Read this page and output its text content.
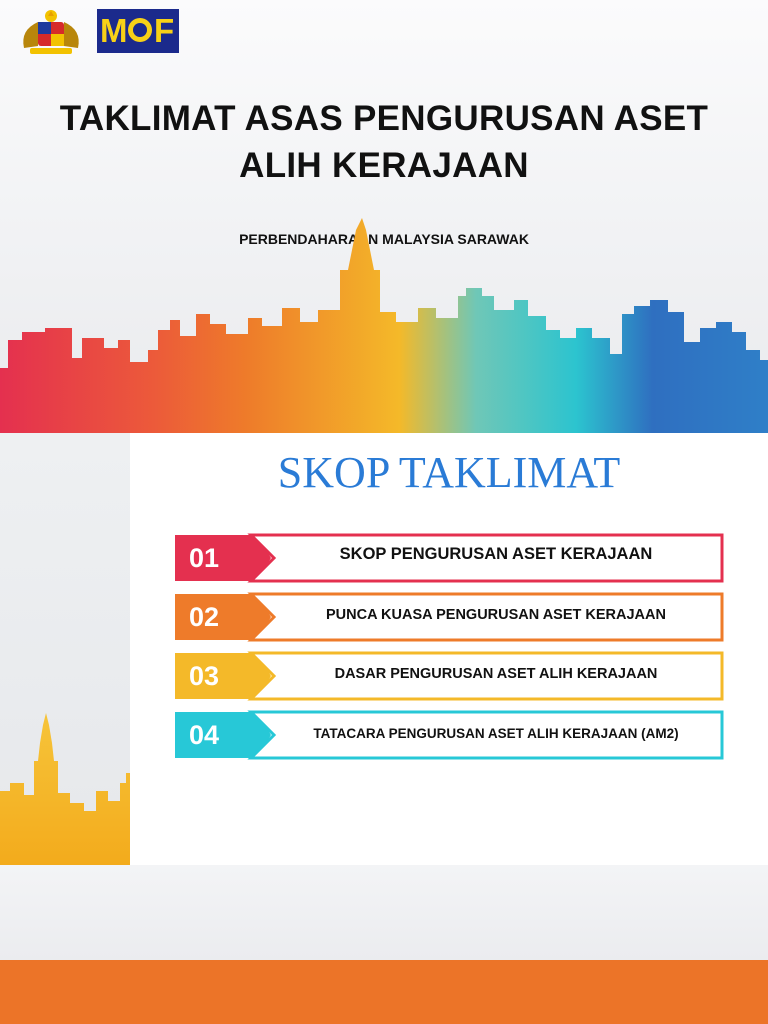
M F
TAKLIMAT ASAS PENGURUSAN ASET
ALIH KERAJAAN
PERBENDAHARAAN MALAYSIA SARAWAK
SKOP TAKLIMAT
01	SKOP PENGURUSAN ASET KERAJAAN
02	PUNCA KUASA PENGURUSAN ASET KERAJAAN
03	DASAR PENGURUSAN ASET ALIH KERAJAAN
04	TATACARA PENGURUSAN ASET ALIH KERAJAAN (AM2)
